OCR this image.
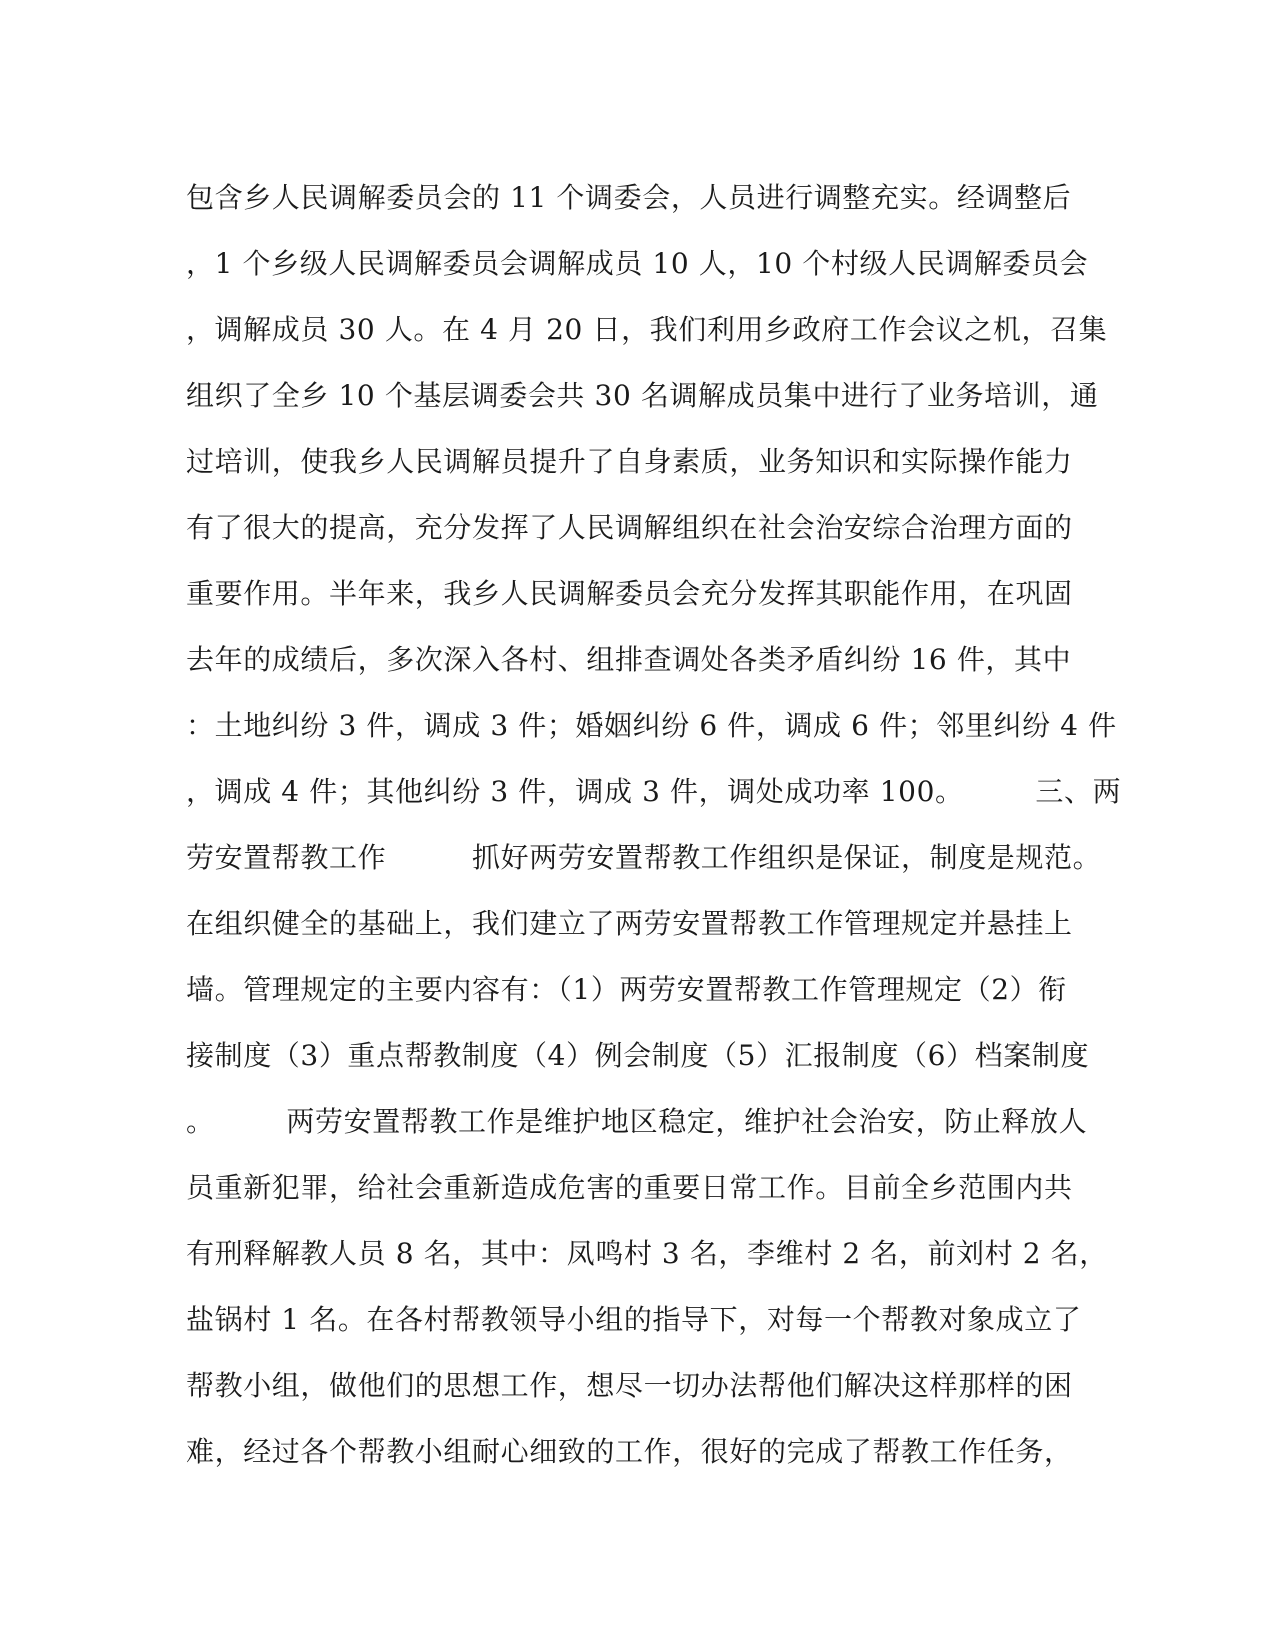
包含乡人民调解委员会的 11 个调委会，人员进行调整充实。经调整后
，1 个乡级人民调解委员会调解成员 10 人，10 个村级人民调解委员会
，调解成员 30 人。在 4 月 20 日，我们利用乡政府工作会议之机，召集
组织了全乡 10 个基层调委会共 30 名调解成员集中进行了业务培训，通
过培训，使我乡人民调解员提升了自身素质，业务知识和实际操作能力
有了很大的提高，充分发挥了人民调解组织在社会治安综合治理方面的
重要作用。半年来，我乡人民调解委员会充分发挥其职能作用，在巩固
去年的成绩后，多次深入各村、组排查调处各类矛盾纠纷 16 件，其中
：土地纠纷 3 件，调成 3 件；婚姻纠纷 6 件，调成 6 件；邻里纠纷 4 件
，调成 4 件；其他纠纷 3 件，调成 3 件，调处成功率 100。　　　三、两
劳安置帮教工作　　　抓好两劳安置帮教工作组织是保证，制度是规范。
在组织健全的基础上，我们建立了两劳安置帮教工作管理规定并悬挂上
墙。管理规定的主要内容有：（1）两劳安置帮教工作管理规定（2）衔
接制度（3）重点帮教制度（4）例会制度（5）汇报制度（6）档案制度
。　　　两劳安置帮教工作是维护地区稳定，维护社会治安，防止释放人
员重新犯罪，给社会重新造成危害的重要日常工作。目前全乡范围内共
有刑释解教人员 8 名，其中：凤鸣村 3 名，李维村 2 名，前刘村 2 名，
盐锅村 1 名。在各村帮教领导小组的指导下，对每一个帮教对象成立了
帮教小组，做他们的思想工作，想尽一切办法帮他们解决这样那样的困
难，经过各个帮教小组耐心细致的工作，很好的完成了帮教工作任务，
